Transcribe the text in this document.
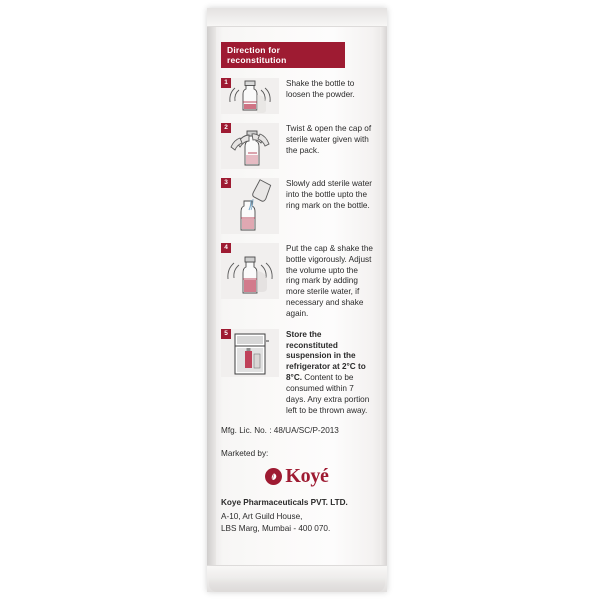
Direction for reconstitution
1	Shake the bottle to loosen the powder.
2	Twist & open the cap of sterile water given with the pack.
3	Slowly add sterile water into the bottle upto the ring mark on the bottle.
4	Put the cap & shake the bottle vigorously. Adjust the volume upto the ring mark by adding more sterile water, if necessary and shake again.
5	Store the reconstituted suspension in the refrigerator at 2°C to 8°C. Content to be consumed within 7 days. Any extra portion left to be thrown away.
Mfg. Lic. No. : 48/UA/SC/P-2013
Marketed by:
Koyé
Koye Pharmaceuticals PVT. LTD.
A-10, Art Guild House,
LBS Marg, Mumbai - 400 070.
